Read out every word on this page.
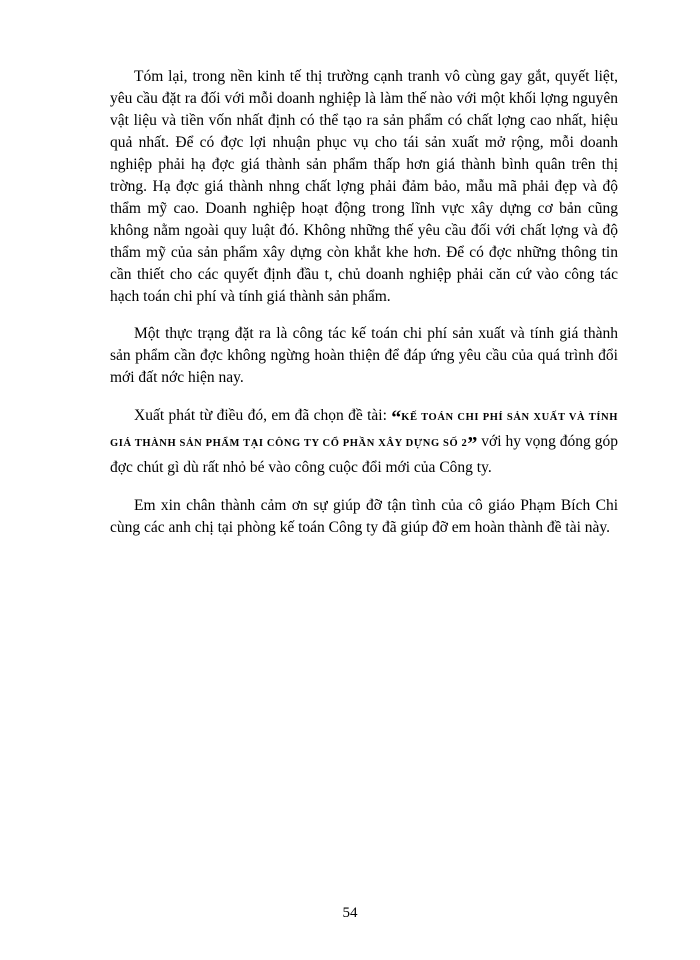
Tóm lại, trong nền kinh tế thị trường cạnh tranh vô cùng gay gắt, quyết liệt, yêu cầu đặt ra đối với mỗi doanh nghiệp là làm thế nào với một khối lợng nguyên vật liệu và tiền vốn nhất định có thể tạo ra sản phẩm có chất lợng cao nhất, hiệu quả nhất. Để có đợc lợi nhuận phục vụ cho tái sản xuất mở rộng, mỗi doanh nghiệp phải hạ đợc giá thành sản phẩm thấp hơn giá thành bình quân trên thị trờng. Hạ đợc giá thành nhng chất lợng phải đảm bảo, mẫu mã phải đẹp và độ thẩm mỹ cao. Doanh nghiệp hoạt động trong lĩnh vực xây dựng cơ bản cũng không nằm ngoài quy luật đó. Không những thế yêu cầu đối với chất lợng và độ thẩm mỹ của sản phẩm xây dựng còn khắt khe hơn. Để có đợc những thông tin cần thiết cho các quyết định đầu t, chủ doanh nghiệp phải căn cứ vào công tác hạch toán chi phí và tính giá thành sản phẩm.

Một thực trạng đặt ra là công tác kế toán chi phí sản xuất và tính giá thành sản phẩm cần đợc không ngừng hoàn thiện để đáp ứng yêu cầu của quá trình đổi mới đất nớc hiện nay.

Xuất phát từ điều đó, em đã chọn đề tài: “KẾ TOÁN CHI PHÍ SẢN XUẤT VÀ TÍNH GIÁ THÀNH SẢN PHẨM TẠI CÔNG TY CỔ PHẦN XÂY DỰNG SỐ 2” với hy vọng đóng góp đợc chút gì dù rất nhỏ bé vào công cuộc đổi mới của Công ty.

Em xin chân thành cảm ơn sự giúp đỡ tận tình của cô giáo Phạm Bích Chi cùng các anh chị tại phòng kế toán Công ty đã giúp đỡ em hoàn thành đề tài này.

54
